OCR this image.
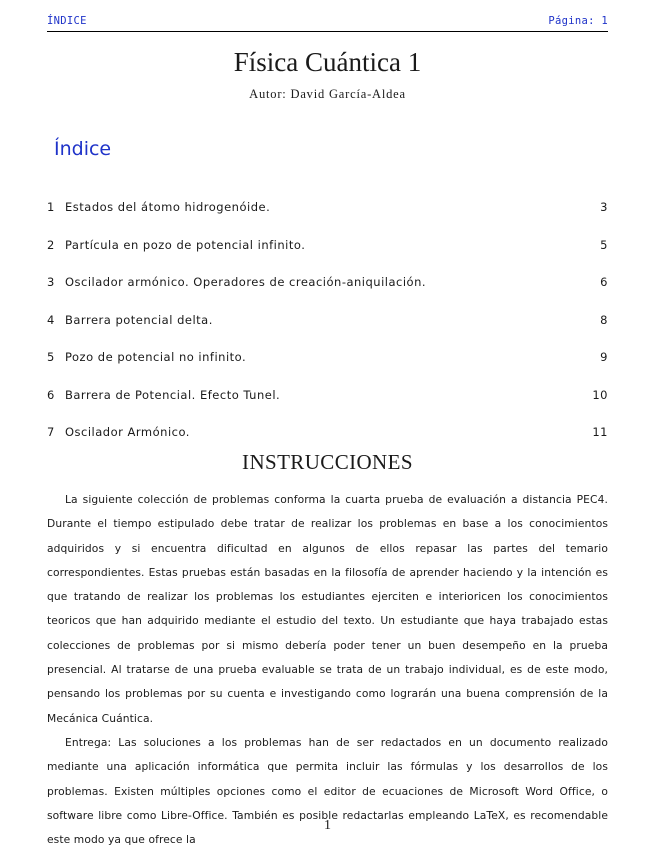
ÍNDICE	Página: 1
Física Cuántica 1
Autor: David García-Aldea
Índice
1 Estados del átomo hidrogenóide.	3
2 Partícula en pozo de potencial infinito.	5
3 Oscilador armónico. Operadores de creación-aniquilación.	6
4 Barrera potencial delta.	8
5 Pozo de potencial no infinito.	9
6 Barrera de Potencial. Efecto Tunel.	10
7 Oscilador Armónico.	11
INSTRUCCIONES

La siguiente colección de problemas conforma la cuarta prueba de evaluación a distancia PEC4. Durante el tiempo estipulado debe tratar de realizar los problemas en base a los conocimientos adquiridos y si encuentra dificultad en algunos de ellos repasar las partes del temario correspondientes. Estas pruebas están basadas en la filosofía de aprender haciendo y la intención es que tratando de realizar los problemas los estudiantes ejerciten e interioricen los conocimientos teoricos que han adquirido mediante el estudio del texto. Un estudiante que haya trabajado estas colecciones de problemas por si mismo debería poder tener un buen desempeño en la prueba presencial. Al tratarse de una prueba evaluable se trata de un trabajo individual, es de este modo, pensando los problemas por su cuenta e investigando como lograrán una buena comprensión de la Mecánica Cuántica.

Entrega: Las soluciones a los problemas han de ser redactados en un documento realizado mediante una aplicación informática que permita incluir las fórmulas y los desarrollos de los problemas. Existen múltiples opciones como el editor de ecuaciones de Microsoft Word Office, o software libre como Libre-Office. También es posible redactarlas empleando LaTeX, es recomendable este modo ya que ofrece la

1
